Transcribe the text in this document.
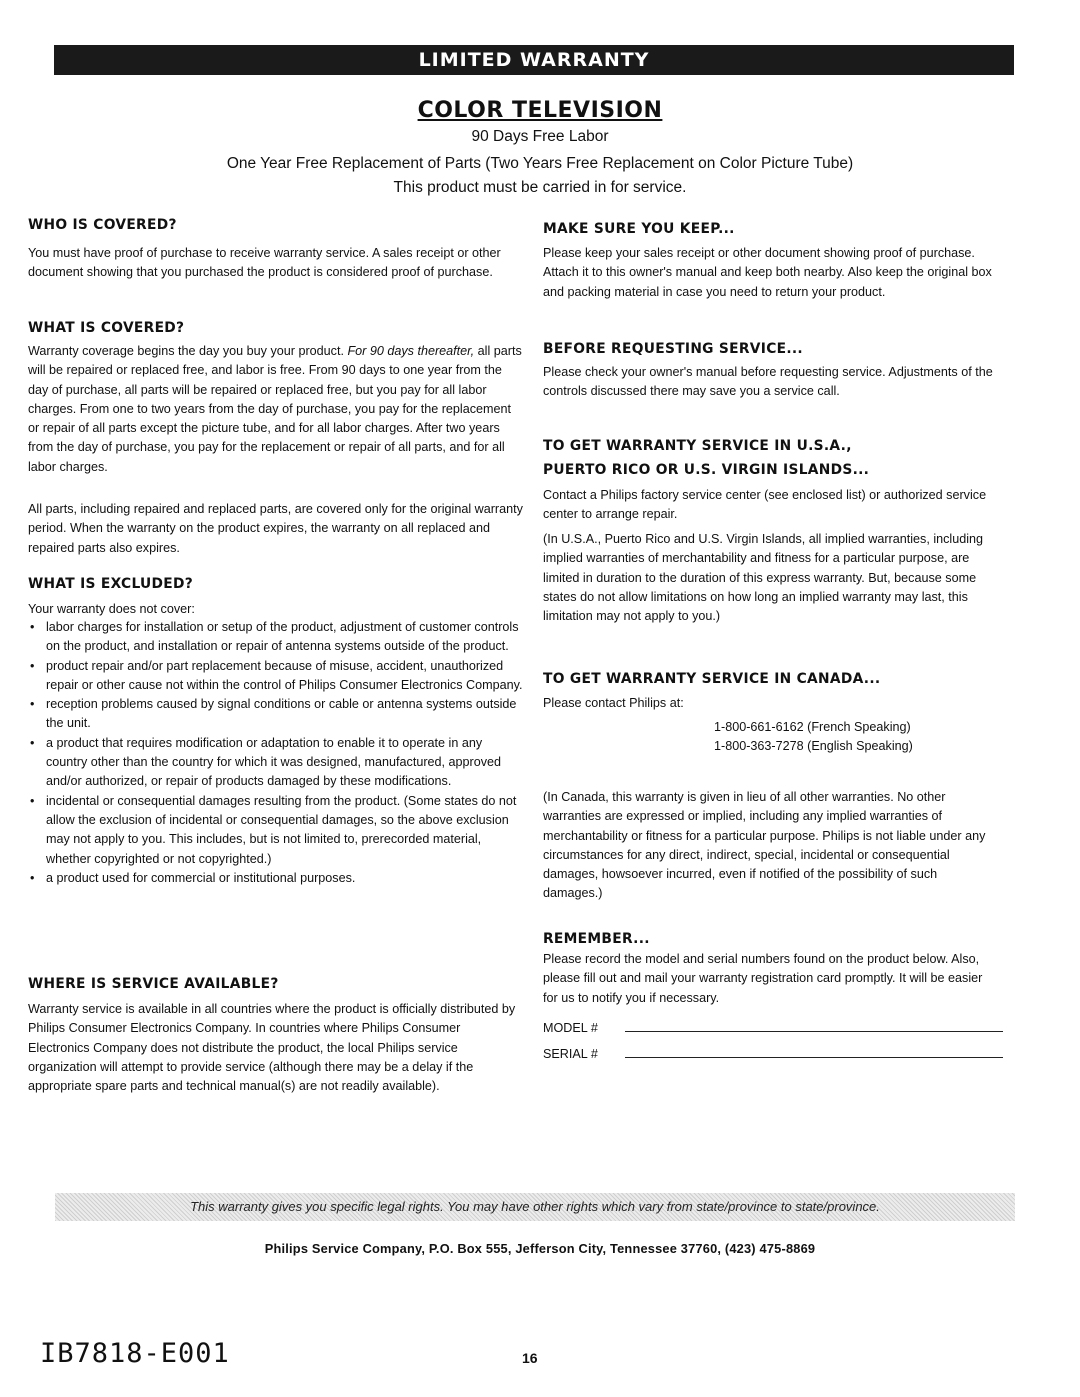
LIMITED WARRANTY
COLOR TELEVISION
90 Days Free Labor
One Year Free Replacement of Parts (Two Years Free Replacement on Color Picture Tube)
This product must be carried in for service.
WHO IS COVERED?

You must have proof of purchase to receive warranty service. A sales receipt or other document showing that you purchased the product is considered proof of purchase.

WHAT IS COVERED?

Warranty coverage begins the day you buy your product. For 90 days thereafter, all parts will be repaired or replaced free, and labor is free. From 90 days to one year from the day of purchase, all parts will be repaired or replaced free, but you pay for all labor charges. From one to two years from the day of purchase, you pay for the replacement or repair of all parts except the picture tube, and for all labor charges. After two years from the day of purchase, you pay for the replacement or repair of all parts, and for all labor charges.

All parts, including repaired and replaced parts, are covered only for the original warranty period. When the warranty on the product expires, the warranty on all replaced and repaired parts also expires.

WHAT IS EXCLUDED?

Your warranty does not cover:

• labor charges for installation or setup of the product, adjustment of customer controls on the product, and installation or repair of antenna systems outside of the product.
• product repair and/or part replacement because of misuse, accident, unauthorized repair or other cause not within the control of Philips Consumer Electronics Company.
• reception problems caused by signal conditions or cable or antenna systems outside the unit.
• a product that requires modification or adaptation to enable it to operate in any country other than the country for which it was designed, manufactured, approved and/or authorized, or repair of products damaged by these modifications.
• incidental or consequential damages resulting from the product. (Some states do not allow the exclusion of incidental or consequential damages, so the above exclusion may not apply to you. This includes, but is not limited to, prerecorded material, whether copyrighted or not copyrighted.)
• a product used for commercial or institutional purposes.
WHERE IS SERVICE AVAILABLE?

Warranty service is available in all countries where the product is officially distributed by Philips Consumer Electronics Company. In countries where Philips Consumer Electronics Company does not distribute the product, the local Philips service organization will attempt to provide service (although there may be a delay if the appropriate spare parts and technical manual(s) are not readily available).

MAKE SURE YOU KEEP...

Please keep your sales receipt or other document showing proof of purchase. Attach it to this owner's manual and keep both nearby. Also keep the original box and packing material in case you need to return your product.

BEFORE REQUESTING SERVICE...

Please check your owner's manual before requesting service. Adjustments of the controls discussed there may save you a service call.

TO GET WARRANTY SERVICE IN U.S.A.,
PUERTO RICO OR U.S. VIRGIN ISLANDS...

Contact a Philips factory service center (see enclosed list) or authorized service center to arrange repair.

(In U.S.A., Puerto Rico and U.S. Virgin Islands, all implied warranties, including implied warranties of merchantability and fitness for a particular purpose, are limited in duration to the duration of this express warranty. But, because some states do not allow limitations on how long an implied warranty may last, this limitation may not apply to you.)

TO GET WARRANTY SERVICE IN CANADA...

Please contact Philips at:

(In Canada, this warranty is given in lieu of all other warranties. No other warranties are expressed or implied, including any implied warranties of merchantability or fitness for a particular purpose. Philips is not liable under any circumstances for any direct, indirect, special, incidental or consequential damages, howsoever incurred, even if notified of the possibility of such damages.)

REMEMBER...

Please record the model and serial numbers found on the product below. Also, please fill out and mail your warranty registration card promptly. It will be easier for us to notify you if necessary.

MODEL #
SERIAL #
1-800-661-6162 (French Speaking)
1-800-363-7278 (English Speaking)
This warranty gives you specific legal rights. You may have other rights which vary from state/province to state/province.
Philips Service Company, P.O. Box 555, Jefferson City, Tennessee 37760, (423) 475-8869
IB7818-E001	16
